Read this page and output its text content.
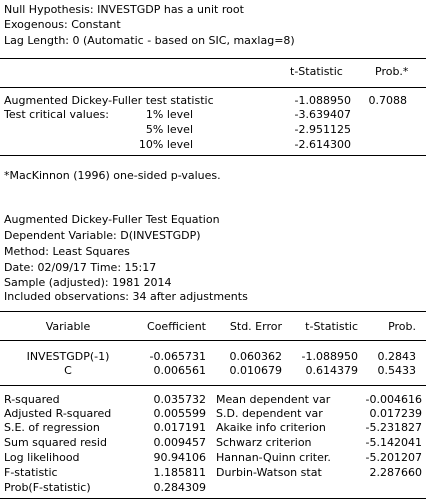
Null Hypothesis: INVESTGDP has a unit root
Exogenous: Constant
Lag Length: 0 (Automatic - based on SIC, maxlag=8)
t-Statistic	Prob.*
Augmented Dickey-Fuller test statistic	-1.088950	0.7088
Test critical values:	1% level	-3.639407
5% level	-2.951125
10% level	-2.614300
*MacKinnon (1996) one-sided p-values.
Augmented Dickey-Fuller Test Equation
Dependent Variable: D(INVESTGDP)
Method: Least Squares
Date: 02/09/17 Time: 15:17
Sample (adjusted): 1981 2014
Included observations: 34 after adjustments
Variable	Coefficient	Std. Error	t-Statistic	Prob.
INVESTGDP(-1)	-0.065731	0.060362	-1.088950	0.2843
C	0.006561	0.010679	0.614379	0.5433
R-squared	0.035732 Mean dependent var	-0.004616
Adjusted R-squared	0.005599 S.D. dependent var	0.017239
S.E. of regression	0.017191 Akaike info criterion	-5.231827
Sum squared resid	0.009457 Schwarz criterion	-5.142041
Log likelihood	90.94106 Hannan-Quinn criter.	-5.201207
F-statistic	1.185811 Durbin-Watson stat	2.287660
Prob(F-statistic)	0.284309
